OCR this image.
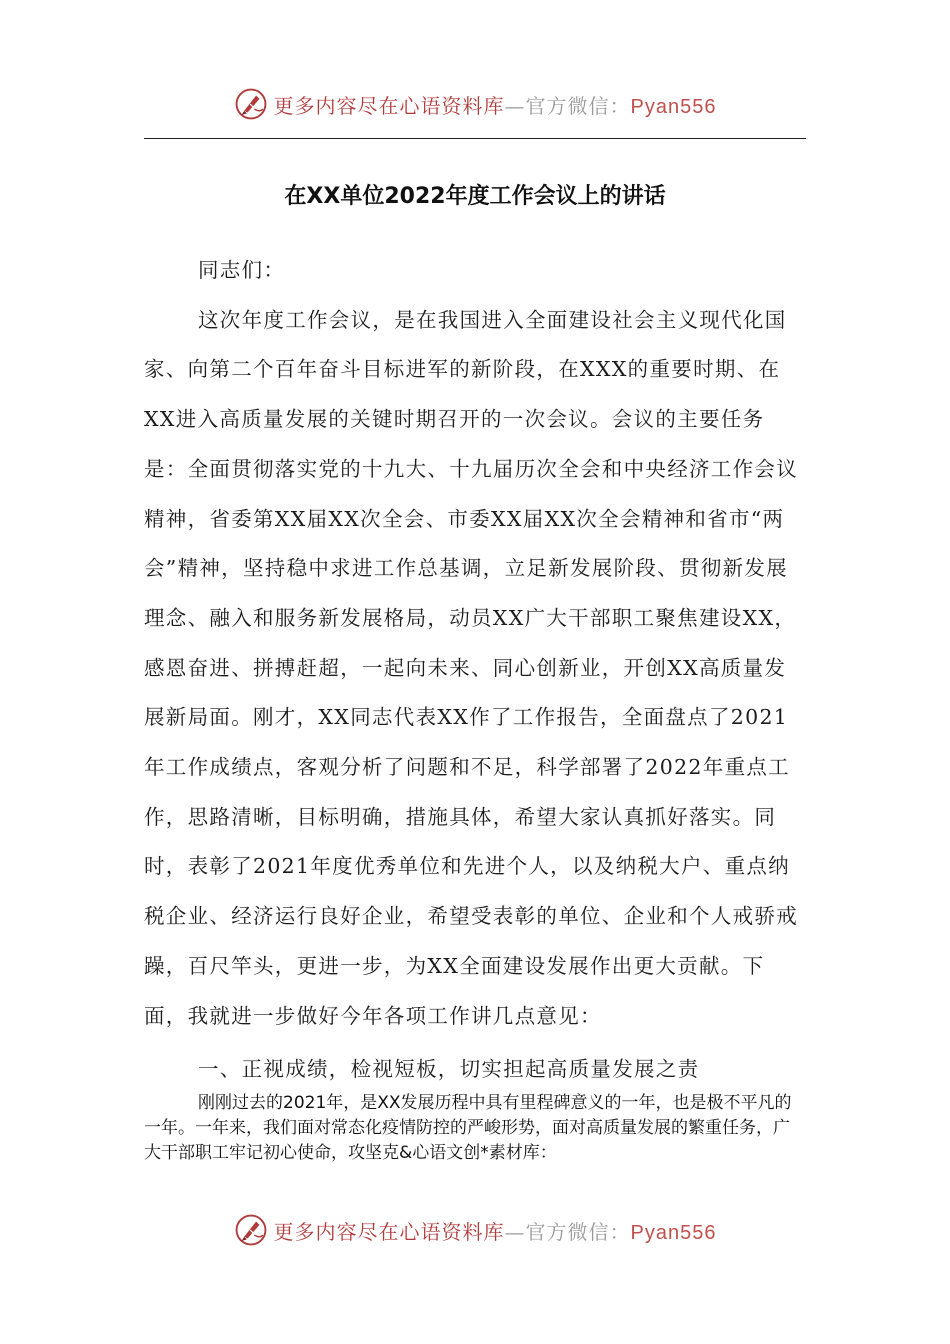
更多内容尽在心语资料库—官方微信：Pyan556
在XX单位2022年度工作会议上的讲话

同志们：

这次年度工作会议，是在我国进入全面建设社会主义现代化国家、向第二个百年奋斗目标进军的新阶段，在XXX的重要时期、在XX进入高质量发展的关键时期召开的一次会议。会议的主要任务是：全面贯彻落实党的十九大、十九届历次全会和中央经济工作会议精神，省委第XX届XX次全会、市委XX届XX次全会精神和省市“两会”精神，坚持稳中求进工作总基调，立足新发展阶段、贯彻新发展理念、融入和服务新发展格局，动员XX广大干部职工聚焦建设XX，感恩奋进、拼搏赶超，一起向未来、同心创新业，开创XX高质量发展新局面。刚才，XX同志代表XX作了工作报告，全面盘点了2021年工作成绩点，客观分析了问题和不足，科学部署了2022年重点工作，思路清晰，目标明确，措施具体，希望大家认真抓好落实。同时，表彰了2021年度优秀单位和先进个人，以及纳税大户、重点纳税企业、经济运行良好企业，希望受表彰的单位、企业和个人戒骄戒躁，百尺竿头，更进一步，为XX全面建设发展作出更大贡献。下面，我就进一步做好今年各项工作讲几点意见：

一、正视成绩，检视短板，切实担起高质量发展之责

刚刚过去的2021年，是XX发展历程中具有里程碑意义的一年，也是极不平凡的一年。一年来，我们面对常态化疫情防控的严峻形势，面对高质量发展的繁重任务，广大干部职工牢记初心使命，攻坚克&心语文创*素材库：

更多内容尽在心语资料库—官方微信：Pyan556
